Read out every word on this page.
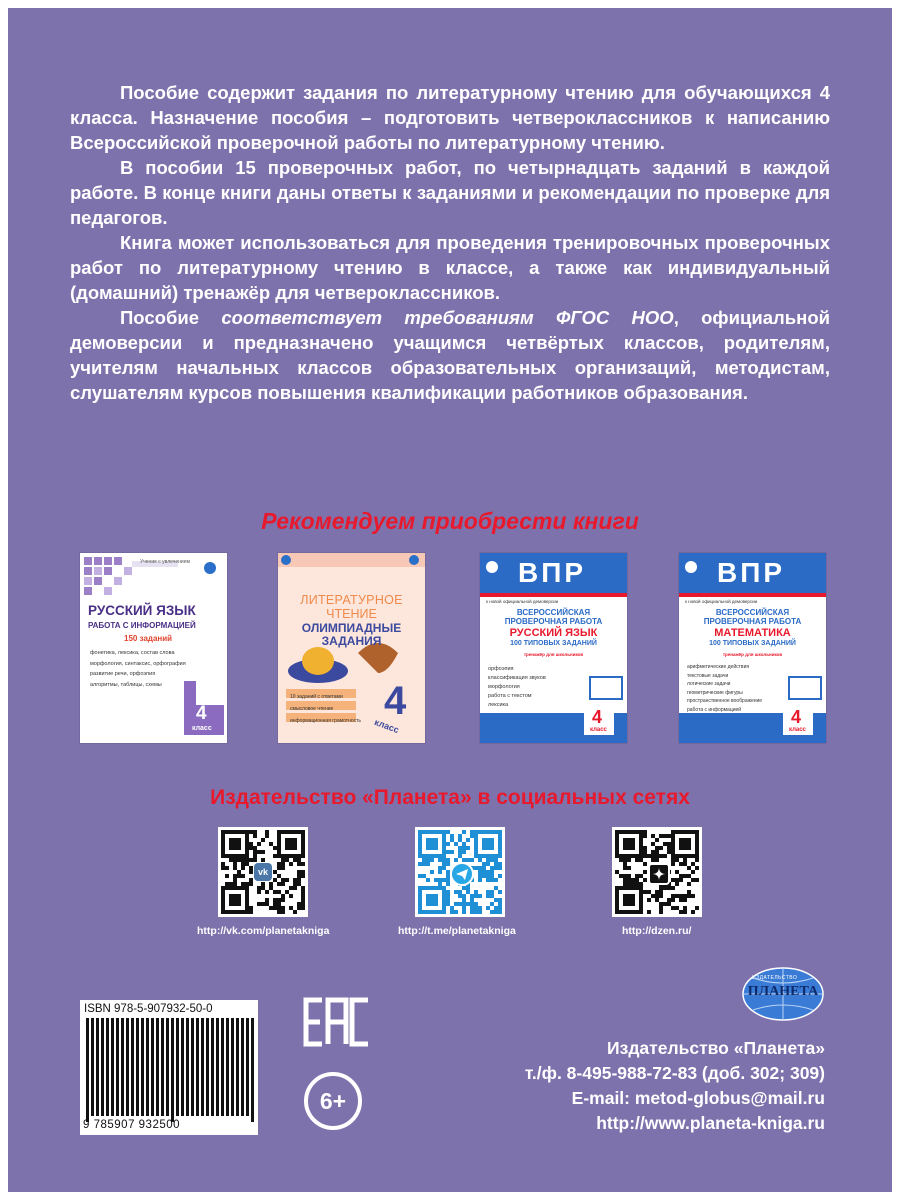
Пособие содержит задания по литературному чтению для обучающихся 4 класса. Назначение пособия – подготовить четвероклассников к написанию Всероссийской проверочной работы по литературному чтению.

В пособии 15 проверочных работ, по четырнадцать заданий в каждой работе. В конце книги даны ответы к заданиями и рекомендации по проверке для педагогов.

Книга может использоваться для проведения тренировочных проверочных работ по литературному чтению в классе, а также как индивидуальный (домашний) тренажёр для четвероклассников.

Пособие соответствует требованиям ФГОС НОО, официальной демоверсии и предназначено учащимся четвёртых классов, родителям, учителям начальных классов образовательных организаций, методистам, слушателям курсов повышения квалификации работников образования.

Рекомендуем приобрести книги
Учение с увлечением
РУССКИЙ ЯЗЫК
РАБОТА С ИНФОРМАЦИЕЙ
150 заданий
фонетика, лексика, состав слова
морфология, синтаксис, орфография
развитие речи, орфоэпия
алгоритмы, таблицы, схемы
4
класс
ЛИТЕРАТУРНОЕ
ЧТЕНИЕ
ОЛИМПИАДНЫЕ
ЗАДАНИЯ
10 заданий с ответами
смысловое чтение
информационная грамотность 4
класс
ВПР
к новой официальной демоверсии
ВСЕРОССИЙСКАЯ
ПРОВЕРОЧНАЯ РАБОТА
РУССКИЙ ЯЗЫК
100 ТИПОВЫХ ЗАДАНИЙ
тренажёр для школьников
орфоэпия
классификация звуков
морфология
работа с текстом
лексика
4
класс
ВПР
к новой официальной демоверсии
ВСЕРОССИЙСКАЯ
ПРОВЕРОЧНАЯ РАБОТА
МАТЕМАТИКА
100 ТИПОВЫХ ЗАДАНИЙ
тренажёр для школьников
арифметические действия
текстовые задачи
логические задачи
геометрические фигуры
пространственное воображение
работа с информацией	4
класс
Издательство «Планета» в социальных сетях
vk
http://vk.com/planetakniga	http://t.me/planetakniga	http://dzen.ru/
ISBN 978-5-907932-50-0
9 785907 932500
6+
ИЗДАТЕЛЬСТВО
ПЛАНЕТА
Издательство «Планета»
т./ф. 8-495-988-72-83 (доб. 302; 309)
E-mail: metod-globus@mail.ru
http://www.planeta-kniga.ru
